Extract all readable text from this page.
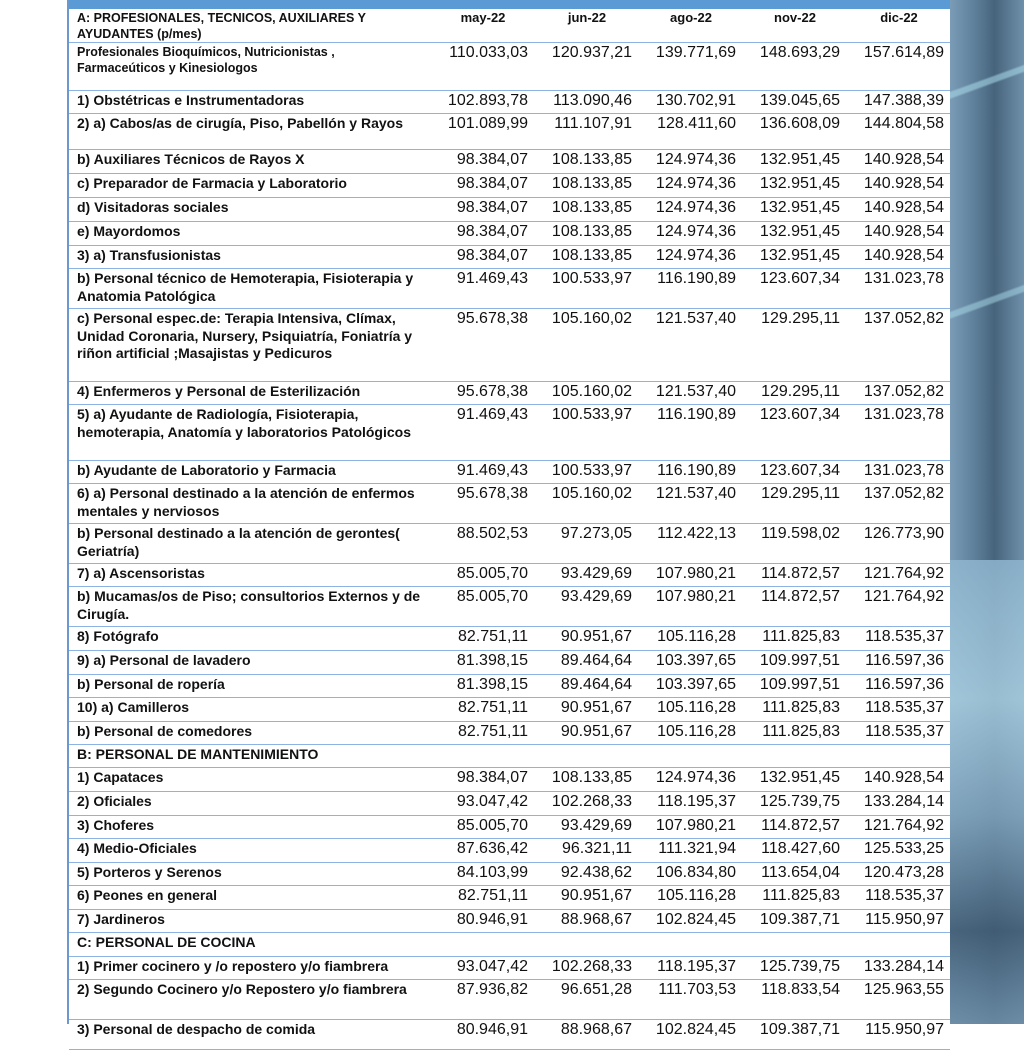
A: PROFESIONALES, TECNICOS, AUXILIARES Y AYUDANTES (p/mes)	may-22	jun-22	ago-22	nov-22	dic-22
Profesionales Bioquímicos, Nutricionistas , Farmaceúticos y Kinesiologos	110.033,03	120.937,21	139.771,69	148.693,29	157.614,89
1) Obstétricas e Instrumentadoras	102.893,78	113.090,46	130.702,91	139.045,65	147.388,39
2) a) Cabos/as de cirugía, Piso, Pabellón y Rayos	101.089,99	111.107,91	128.411,60	136.608,09	144.804,58
b) Auxiliares Técnicos de Rayos X	98.384,07	108.133,85	124.974,36	132.951,45	140.928,54
c) Preparador de Farmacia y Laboratorio	98.384,07	108.133,85	124.974,36	132.951,45	140.928,54
d) Visitadoras sociales	98.384,07	108.133,85	124.974,36	132.951,45	140.928,54
e) Mayordomos	98.384,07	108.133,85	124.974,36	132.951,45	140.928,54
3) a) Transfusionistas	98.384,07	108.133,85	124.974,36	132.951,45	140.928,54
b) Personal técnico de Hemoterapia, Fisioterapia y Anatomia Patológica	91.469,43	100.533,97	116.190,89	123.607,34	131.023,78
c) Personal espec.de: Terapia Intensiva, Clímax, Unidad Coronaria, Nursery, Psiquiatría, Foniatría y riñon artificial ;Masajistas y Pedicuros	95.678,38	105.160,02	121.537,40	129.295,11	137.052,82
4) Enfermeros y Personal de Esterilización	95.678,38	105.160,02	121.537,40	129.295,11	137.052,82
5) a) Ayudante de Radiología, Fisioterapia, hemoterapia, Anatomía y laboratorios Patológicos	91.469,43	100.533,97	116.190,89	123.607,34	131.023,78
b) Ayudante de Laboratorio y Farmacia	91.469,43	100.533,97	116.190,89	123.607,34	131.023,78
6) a) Personal destinado a la atención de enfermos mentales y nerviosos	95.678,38	105.160,02	121.537,40	129.295,11	137.052,82
b) Personal destinado a la atención de gerontes( Geriatría)	88.502,53	97.273,05	112.422,13	119.598,02	126.773,90
7) a) Ascensoristas	85.005,70	93.429,69	107.980,21	114.872,57	121.764,92
b) Mucamas/os de Piso; consultorios Externos y de Cirugía.	85.005,70	93.429,69	107.980,21	114.872,57	121.764,92
8) Fotógrafo	82.751,11	90.951,67	105.116,28	111.825,83	118.535,37
9) a) Personal de lavadero	81.398,15	89.464,64	103.397,65	109.997,51	116.597,36
b) Personal de ropería	81.398,15	89.464,64	103.397,65	109.997,51	116.597,36
10) a) Camilleros	82.751,11	90.951,67	105.116,28	111.825,83	118.535,37
b) Personal de comedores	82.751,11	90.951,67	105.116,28	111.825,83	118.535,37
B: PERSONAL DE MANTENIMIENTO					
1) Capataces	98.384,07	108.133,85	124.974,36	132.951,45	140.928,54
2) Oficiales	93.047,42	102.268,33	118.195,37	125.739,75	133.284,14
3) Choferes	85.005,70	93.429,69	107.980,21	114.872,57	121.764,92
4) Medio-Oficiales	87.636,42	96.321,11	111.321,94	118.427,60	125.533,25
5) Porteros y Serenos	84.103,99	92.438,62	106.834,80	113.654,04	120.473,28
6) Peones en general	82.751,11	90.951,67	105.116,28	111.825,83	118.535,37
7) Jardineros	80.946,91	88.968,67	102.824,45	109.387,71	115.950,97
C: PERSONAL DE COCINA					
1) Primer cocinero y /o repostero y/o fiambrera	93.047,42	102.268,33	118.195,37	125.739,75	133.284,14
2) Segundo Cocinero y/o Repostero y/o fiambrera	87.936,82	96.651,28	111.703,53	118.833,54	125.963,55
3) Personal de despacho de comida	80.946,91	88.968,67	102.824,45	109.387,71	115.950,97
